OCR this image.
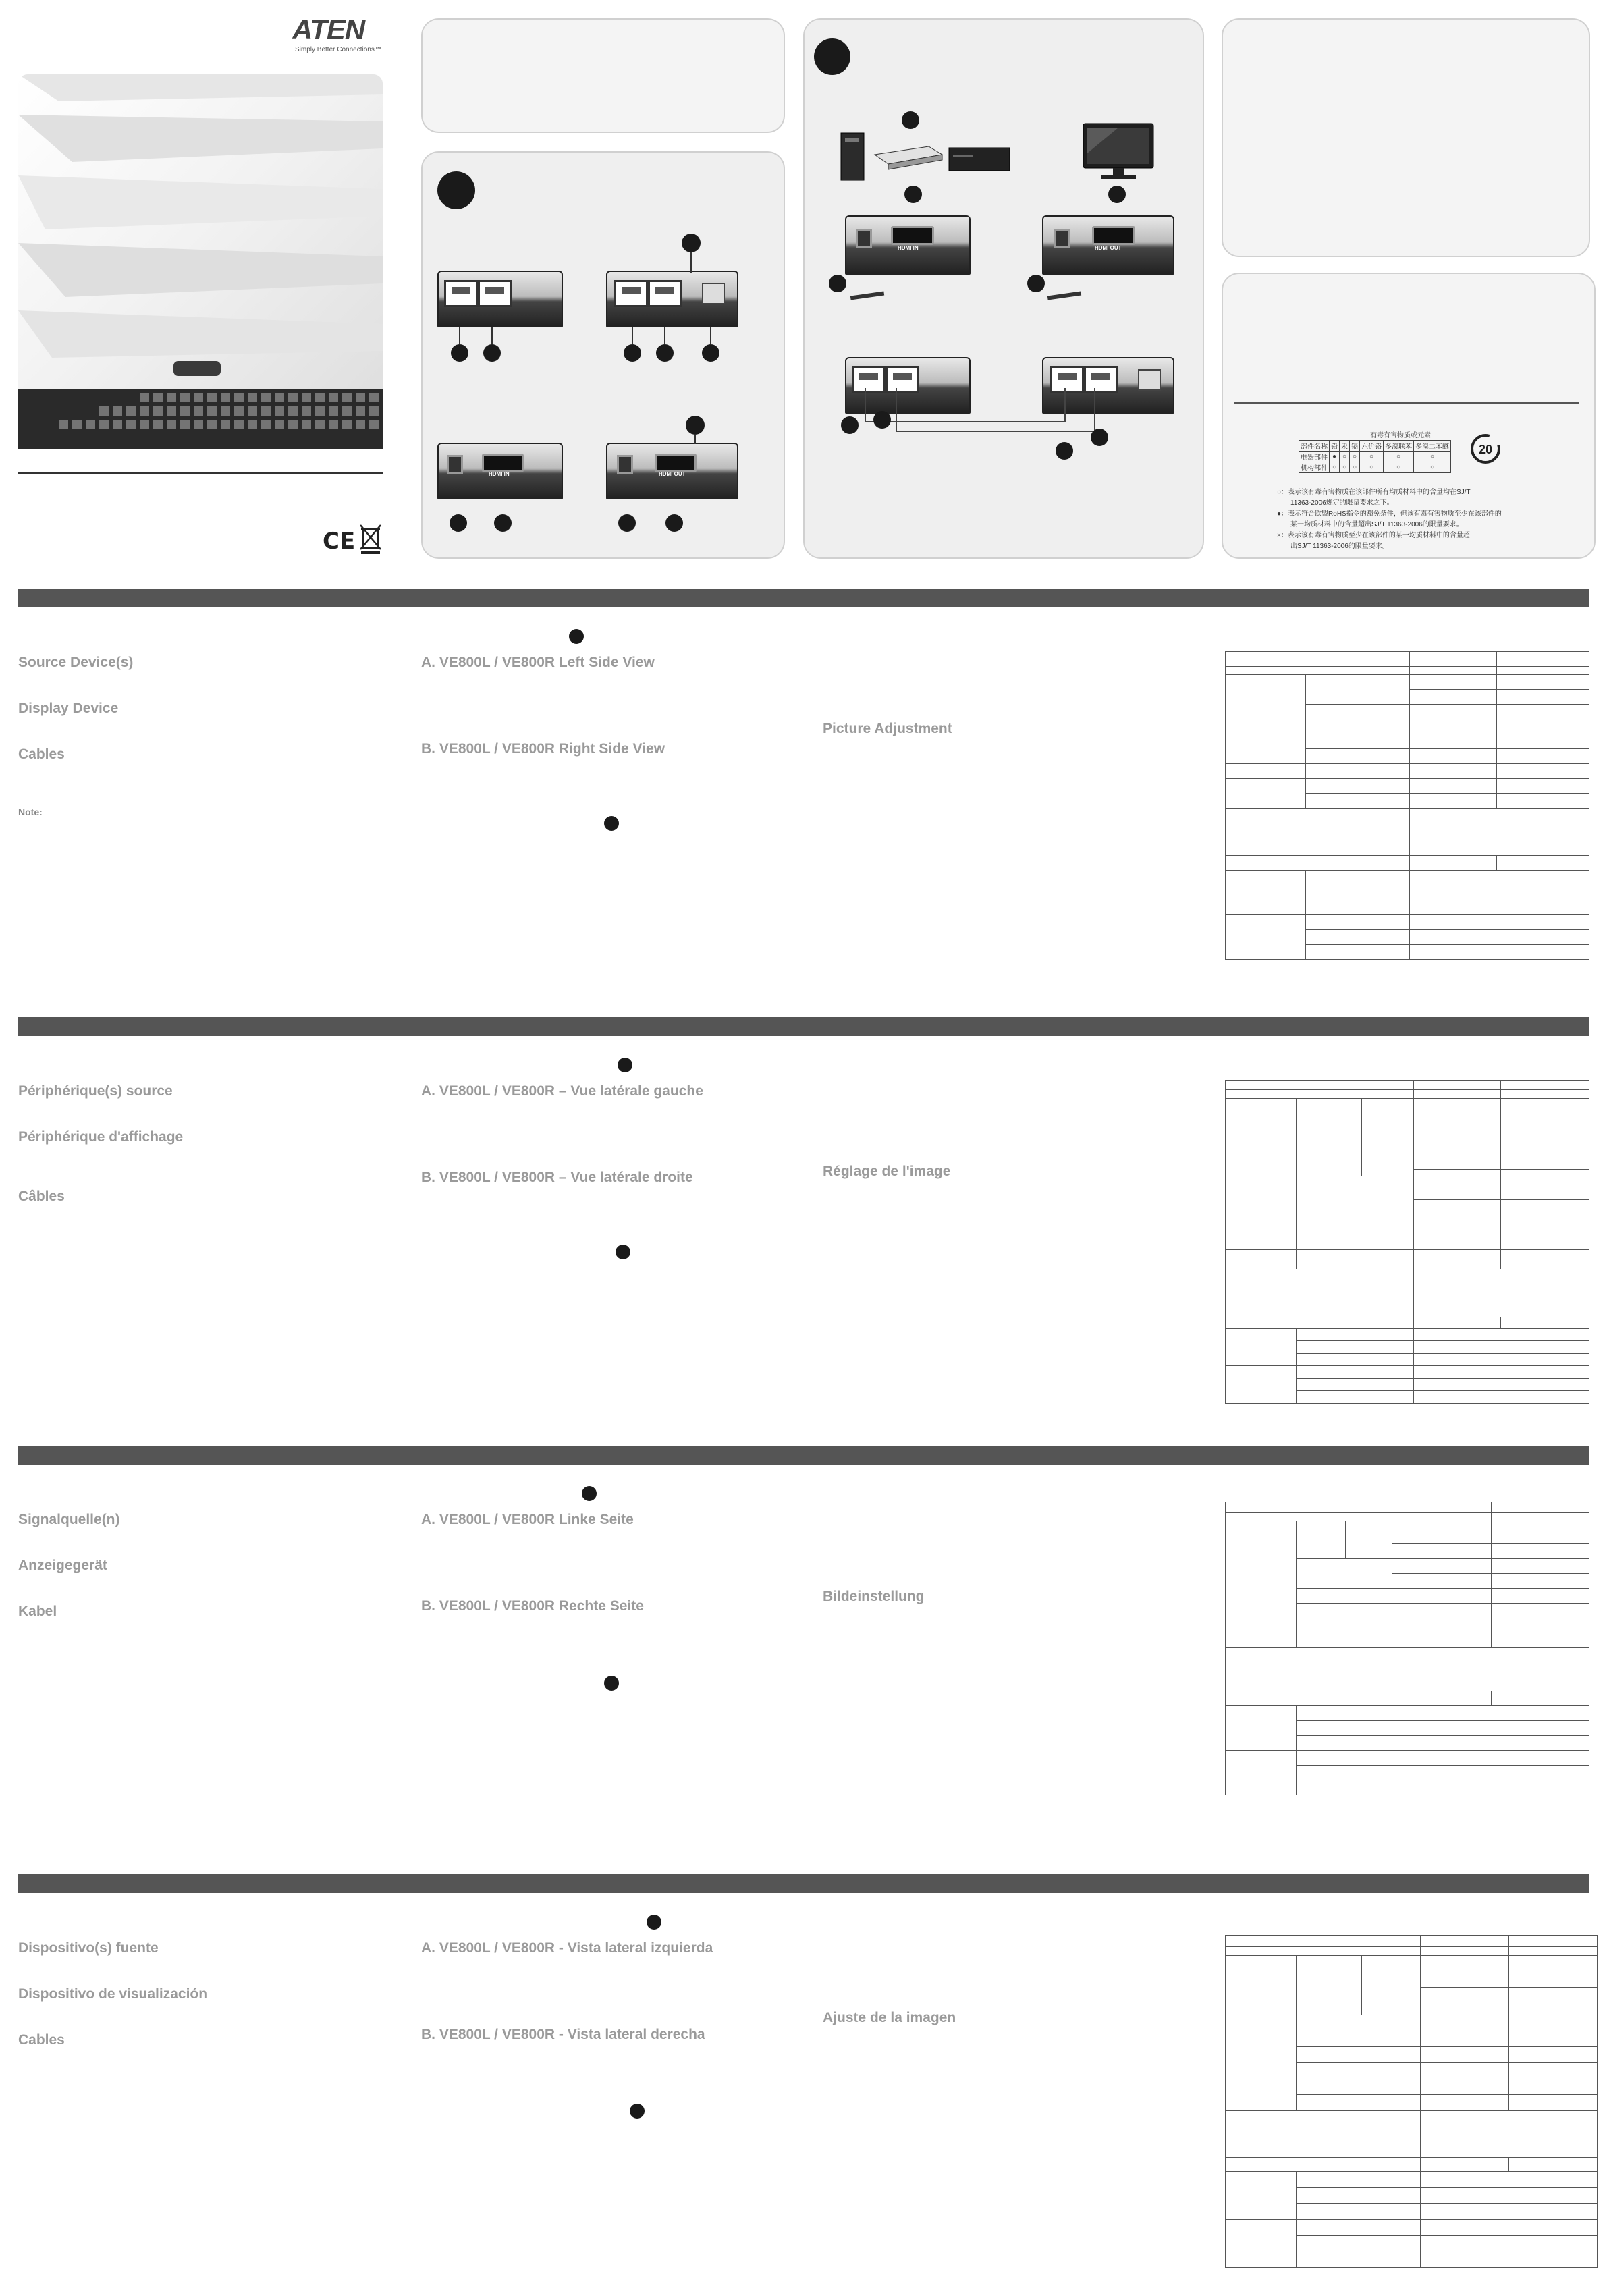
ATEN
Simply Better Connections™
CE
HDMI IN	HDMI OUT
HDMI IN	HDMI OUT
有毒有害物质或元素
部件名称	铅	汞	镉	六价铬	多溴联苯	多溴二苯醚
电器部件	●	○	○	○	○	○
机构部件	○	○	○	○	○	○
20
○：表示该有毒有害物质在该部件所有均质材料中的含量均在SJ/T
11363-2006规定的限量要求之下。
●：表示符合欧盟RoHS指令的豁免条件，但该有毒有害物质至少在该部件的
某一均质材料中的含量超出SJ/T 11363-2006的限量要求。
×：表示该有毒有害物质至少在该部件的某一均质材料中的含量超
出SJ/T 11363-2006的限量要求。
Source Device(s)
Display Device
Cables
Note:
A. VE800L / VE800R Left Side View
B. VE800L / VE800R Right Side View
Picture Adjustment

Périphérique(s) source
Périphérique d'affichage
Câbles
A. VE800L / VE800R – Vue latérale gauche
B. VE800L / VE800R – Vue latérale droite	Réglage de l'image

Signalquelle(n)
Anzeigegerät
Kabel
A. VE800L / VE800R Linke Seite
B. VE800L / VE800R Rechte Seite
Bildeinstellung

Dispositivo(s) fuente
Dispositivo de visualización
Cables
A. VE800L / VE800R - Vista lateral izquierda
B. VE800L / VE800R - Vista lateral derecha
Ajuste de la imagen
